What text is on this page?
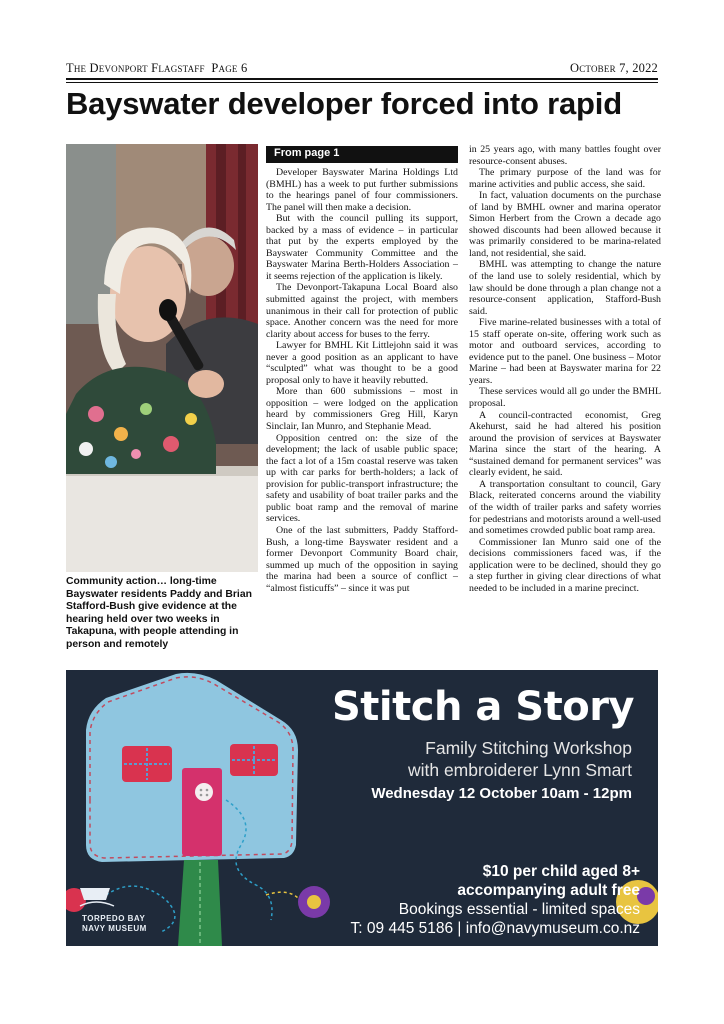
The Devonport Flagstaff Page 6	October 7, 2022
Bayswater developer forced into rapid
Community action… long-time Bayswater residents Paddy and Brian Stafford-Bush give evidence at the hearing held over two weeks in Takapuna, with people attending in person and remotely
From page 1

Developer Bayswater Marina Holdings Ltd (BMHL) has a week to put further submissions to the hearings panel of four commissioners. The panel will then make a decision.

But with the council pulling its support, backed by a mass of evidence – in particular that put by the experts employed by the Bayswater Community Committee and the Bayswater Marina Berth-Holders Association – it seems rejection of the application is likely.

The Devonport-Takapuna Local Board also submitted against the project, with members unanimous in their call for protection of public space. Another concern was the need for more clarity about access for buses to the ferry.

Lawyer for BMHL Kit Littlejohn said it was never a good position as an applicant to have “sculpted” what was thought to be a good proposal only to have it heavily rebutted.

More than 600 submissions – most in opposition – were lodged on the application heard by commissioners Greg Hill, Karyn Sinclair, Ian Munro, and Stephanie Mead.

Opposition centred on: the size of the development; the lack of usable public space; the fact a lot of a 15m coastal reserve was taken up with car parks for berth-holders; a lack of provision for public-transport infrastructure; the safety and usability of boat trailer parks and the public boat ramp and the removal of marine services.

One of the last submitters, Paddy Stafford-Bush, a long-time Bayswater resident and a former Devonport Community Board chair, summed up much of the opposition in saying the marina had been a source of conflict – “almost fisticuffs” – since it was put

in 25 years ago, with many battles fought over resource-consent abuses.

The primary purpose of the land was for marine activities and public access, she said.

In fact, valuation documents on the purchase of land by BMHL owner and marina operator Simon Herbert from the Crown a decade ago showed discounts had been allowed because it was primarily considered to be marina-related land, not residential, she said.

BMHL was attempting to change the nature of the land use to solely residential, which by law should be done through a plan change not a resource-consent application, Stafford-Bush said.

Five marine-related businesses with a total of 15 staff operate on-site, offering work such as motor and outboard services, according to evidence put to the panel. One business – Motor Marine – had been at Bayswater marina for 22 years.

These services would all go under the BMHL proposal.

A council-contracted economist, Greg Akehurst, said he had altered his position around the provision of services at Bayswater Marina since the start of the hearing. A “sustained demand for permanent services” was clearly evident, he said.

A transportation consultant to council, Gary Black, reiterated concerns around the viability of the width of trailer parks and safety worries for pedestrians and motorists around a well-used and sometimes crowded public boat ramp area.

Commissioner Ian Munro said one of the decisions commissioners faced was, if the application were to be declined, should they go a step further in giving clear directions of what needed to be included in a marine precinct.

Stitch a Story
Family Stitching Workshop
with embroiderer Lynn Smart
Wednesday 12 October 10am - 12pm
$10 per child aged 8+
accompanying adult free
Bookings essential - limited spaces
T: 09 445 5186 | info@navymuseum.co.nz
TORPEDO BAY
NAVY MUSEUM
